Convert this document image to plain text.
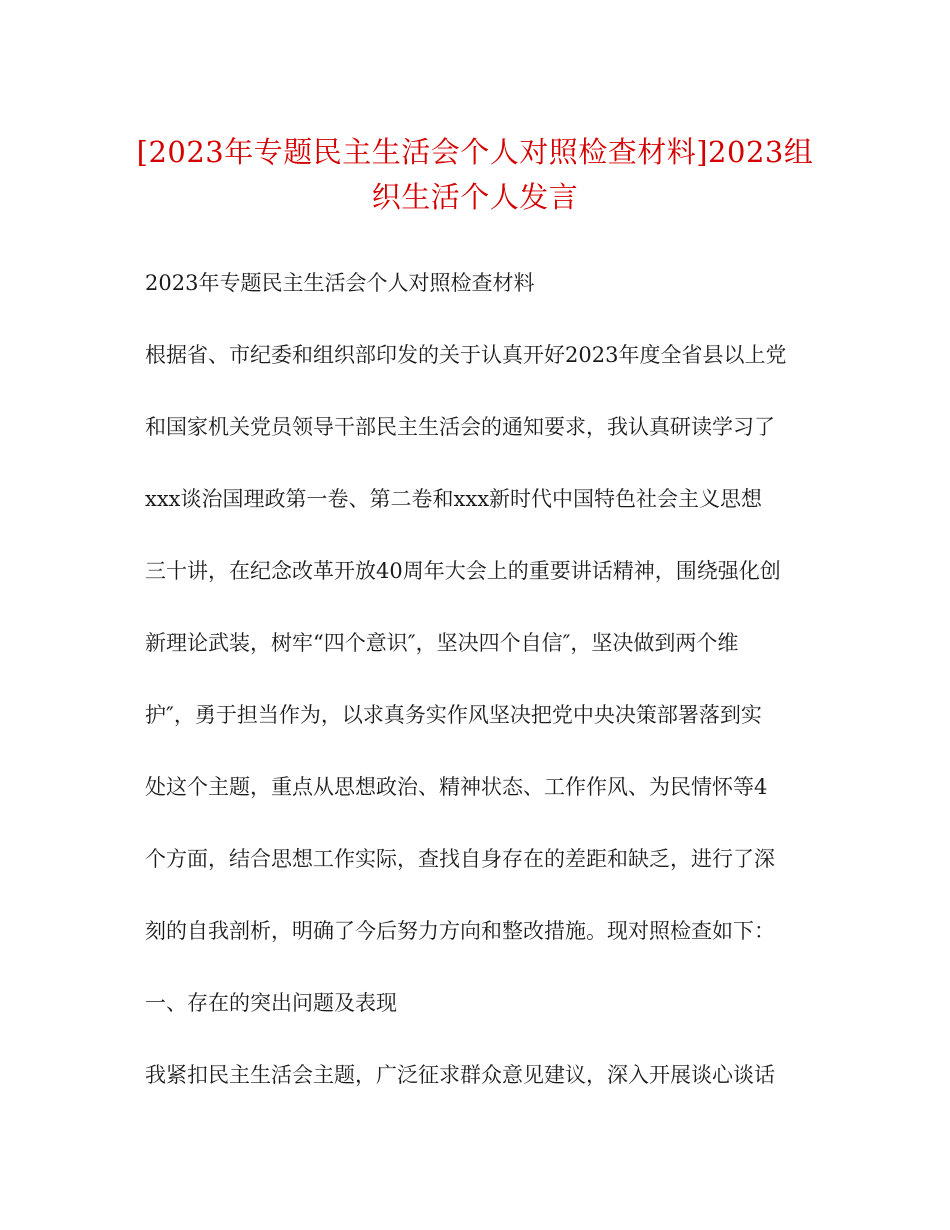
[2023年专题民主生活会个人对照检查材料]2023组
织生活个人发言

2023年专题民主生活会个人对照检查材料

根据省、市纪委和组织部印发的关于认真开好2023年度全省县以上党

和国家机关党员领导干部民主生活会的通知要求，我认真研读学习了

xxx谈治国理政第一卷、第二卷和xxx新时代中国特色社会主义思想

三十讲，在纪念改革开放40周年大会上的重要讲话精神，围绕强化创

新理论武装，树牢“四个意识″，坚决四个自信″，坚决做到两个维

护″，勇于担当作为，以求真务实作风坚决把党中央决策部署落到实

处这个主题，重点从思想政治、精神状态、工作作风、为民情怀等4

个方面，结合思想工作实际，查找自身存在的差距和缺乏，进行了深

刻的自我剖析，明确了今后努力方向和整改措施。现对照检查如下：

一、存在的突出问题及表现

我紧扣民主生活会主题，广泛征求群众意见建议，深入开展谈心谈话
